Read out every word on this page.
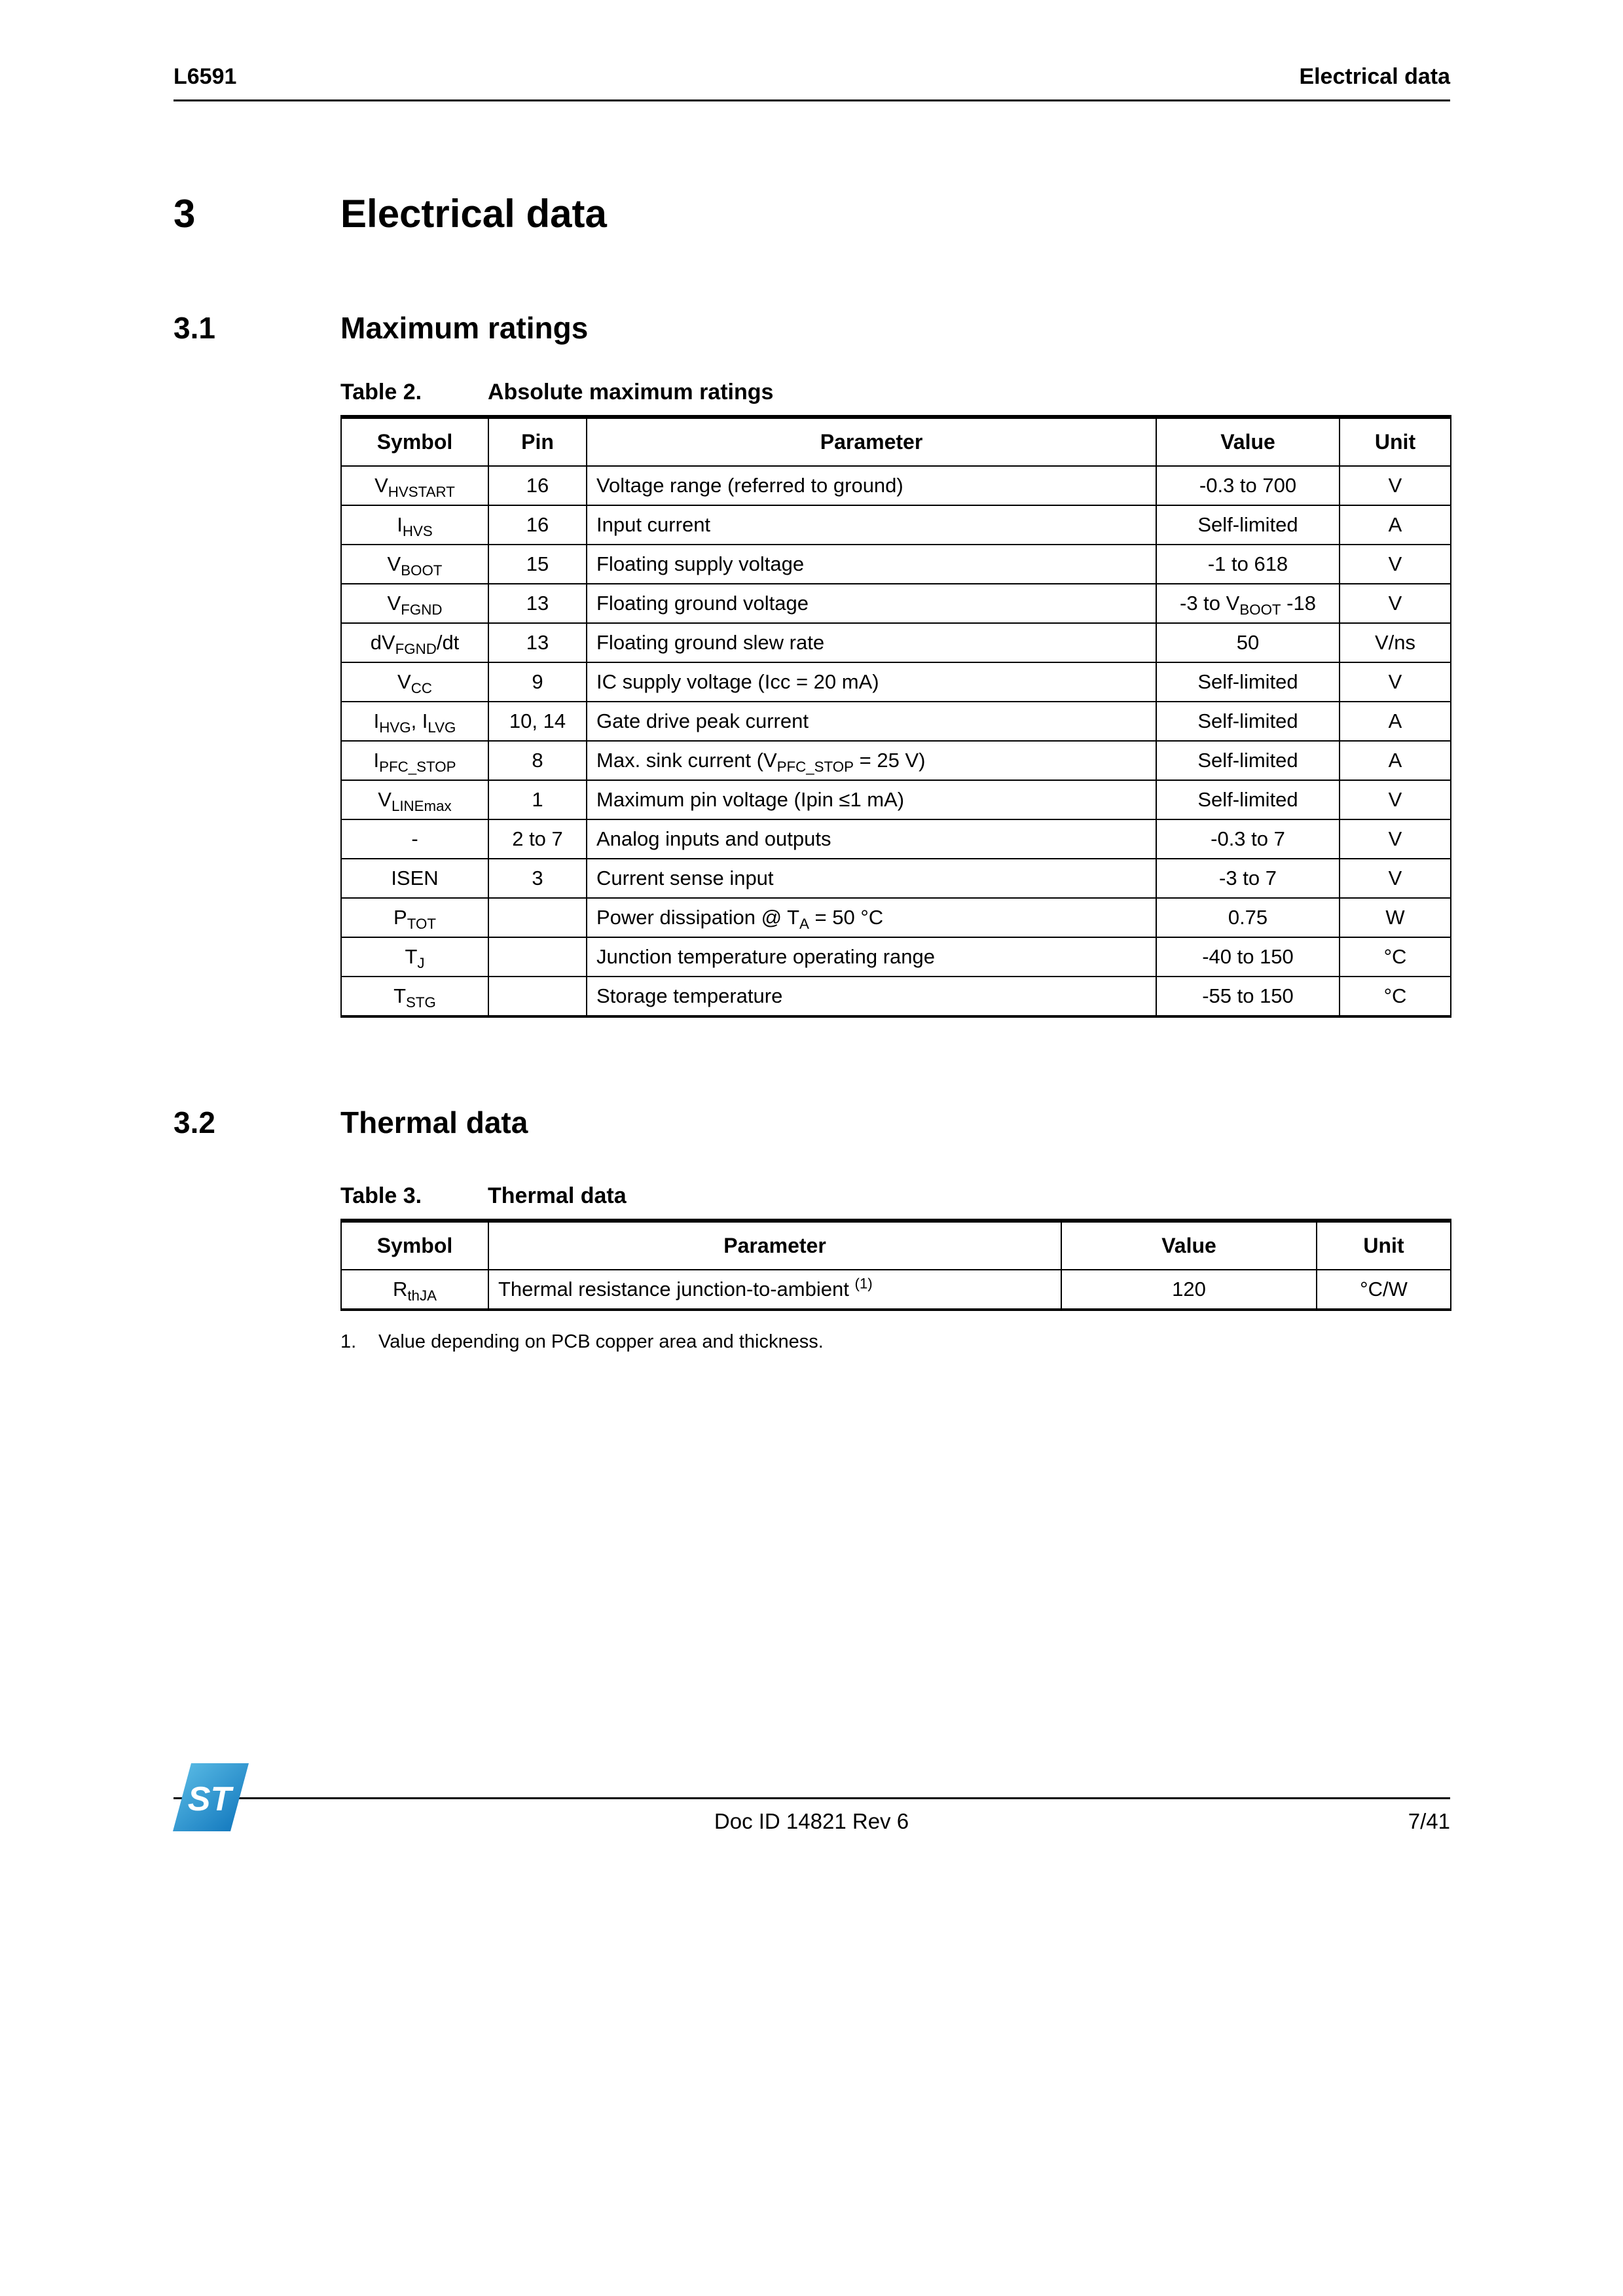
L6591	Electrical data
3	Electrical data
3.1	Maximum ratings
Table 2.	Absolute maximum ratings
Symbol	Pin	Parameter	Value	Unit
$V_{HVSTART}$	16	Voltage range (referred to ground)	-0.3 to 700	V
$I_{HVS}$	16	Input current	Self-limited	A
$V_{BOOT}$	15	Floating supply voltage	-1 to 618	V
$V_{FGND}$	13	Floating ground voltage	-3 to $V_{BOOT}$ -18	V
$dV_{FGND}/dt$	13	Floating ground slew rate	50	V/ns
$V_{CC}$	9	IC supply voltage (Icc = 20 mA)	Self-limited	V
$I_{HVG}$, $I_{LVG}$	10, 14	Gate drive peak current	Self-limited	A
$I_{PFC\_STOP}$	8	Max. sink current ($V_{PFC\_STOP} = 25$ V)	Self-limited	A
$V_{LINEmax}$	1	Maximum pin voltage (Ipin ≤1 mA)	Self-limited	V
-	2 to 7	Analog inputs and outputs	-0.3 to 7	V
ISEN	3	Current sense input	-3 to 7	V
$P_{TOT}$		Power dissipation @ $T_A = 50$ °C	0.75	W
$T_J$		Junction temperature operating range	-40 to 150	°C
$T_{STG}$		Storage temperature	-55 to 150	°C
3.2	Thermal data
Table 3.	Thermal data
Symbol	Parameter	Value	Unit
$R_{thJA}$	Thermal resistance junction-to-ambient $^{(1)}$	120	°C/W
1.	Value depending on PCB copper area and thickness.
ST
Doc ID 14821 Rev 6	7/41
